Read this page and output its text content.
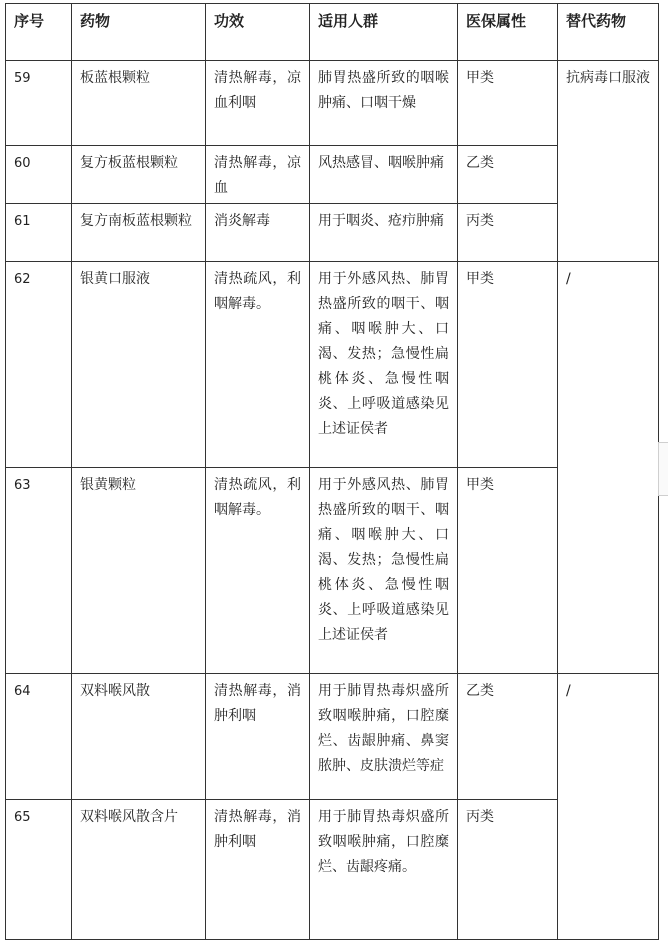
序号	药物	功效	适用人群	医保属性	替代药物
59	板蓝根颗粒	清热解毒，凉血利咽	肺胃热盛所致的咽喉肿痛、口咽干燥	甲类	抗病毒口服液
60	复方板蓝根颗粒	清热解毒，凉血	风热感冒、咽喉肿痛	乙类	
61	复方南板蓝根颗粒	消炎解毒	用于咽炎、疮疖肿痛	丙类	
62	银黄口服液	清热疏风，利咽解毒。	用于外感风热、肺胃热盛所致的咽干、咽痛、咽喉肿大、口渴、发热；急慢性扁桃体炎、急慢性咽炎、上呼吸道感染见上述证侯者	甲类	/
63	银黄颗粒	清热疏风，利咽解毒。	用于外感风热、肺胃热盛所致的咽干、咽痛、咽喉肿大、口渴、发热；急慢性扁桃体炎、急慢性咽炎、上呼吸道感染见上述证侯者	甲类	
64	双料喉风散	清热解毒，消肿利咽	用于肺胃热毒炽盛所致咽喉肿痛，口腔糜烂、齿龈肿痛、鼻窦脓肿、皮肤溃烂等症	乙类	/
65	双料喉风散含片	清热解毒，消肿利咽	用于肺胃热毒炽盛所致咽喉肿痛，口腔糜烂、齿龈疼痛。	丙类	
